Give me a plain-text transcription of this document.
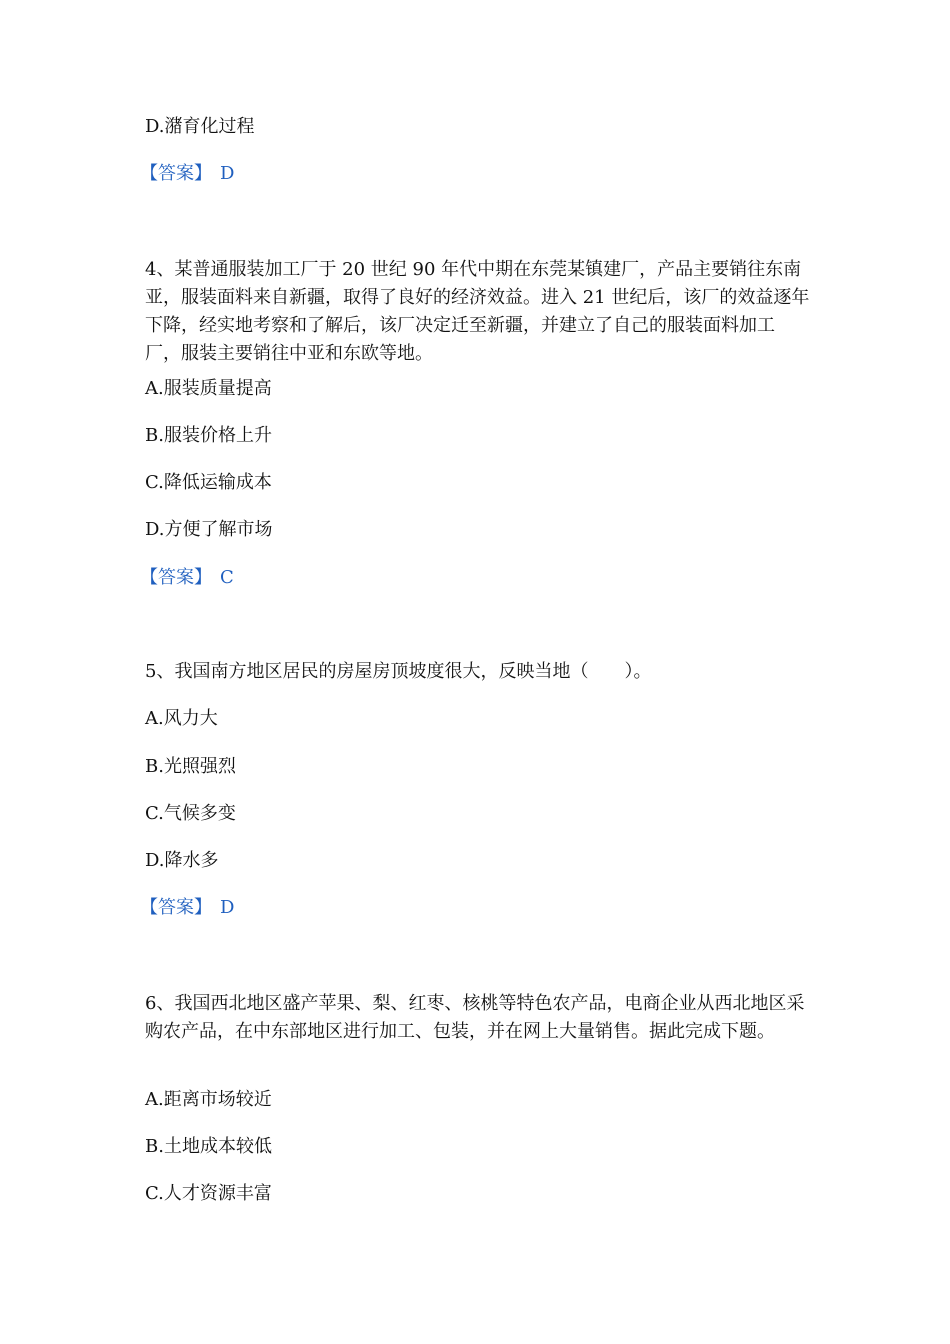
D.潴育化过程
【答案】 D
4、某普通服装加工厂于 20 世纪 90 年代中期在东莞某镇建厂，产品主要销往东南亚，服装面料来自新疆，取得了良好的经济效益。进入 21 世纪后，该厂的效益逐年下降，经实地考察和了解后，该厂决定迁至新疆，并建立了自己的服装面料加工厂，服装主要销往中亚和东欧等地。
A.服装质量提高
B.服装价格上升
C.降低运输成本
D.方便了解市场
【答案】 C
5、我国南方地区居民的房屋房顶坡度很大，反映当地（　　）。
A.风力大
B.光照强烈
C.气候多变
D.降水多
【答案】 D
6、我国西北地区盛产苹果、梨、红枣、核桃等特色农产品，电商企业从西北地区采购农产品，在中东部地区进行加工、包装，并在网上大量销售。据此完成下题。
A.距离市场较近
B.土地成本较低
C.人才资源丰富
